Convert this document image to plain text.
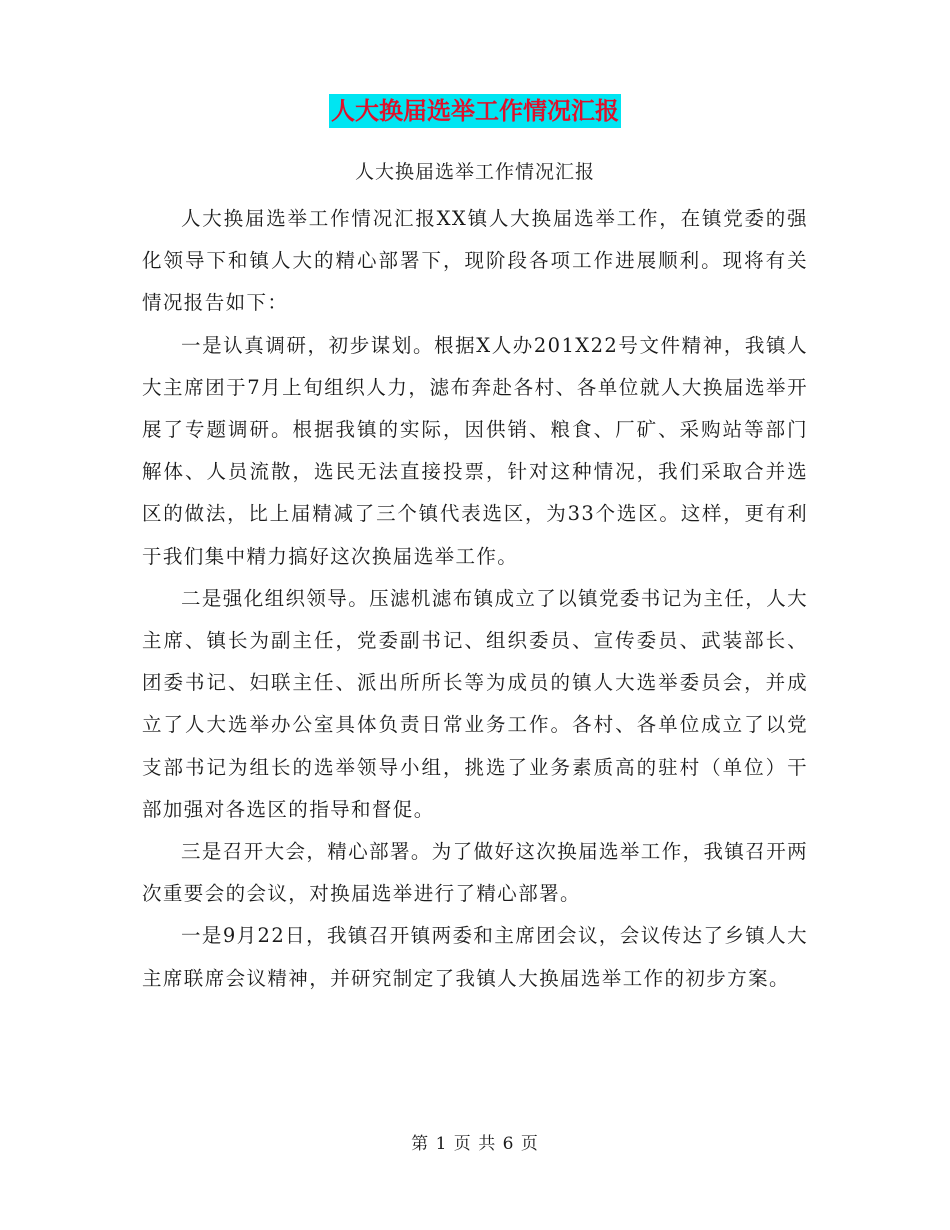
人大换届选举工作情况汇报
人大换届选举工作情况汇报

人大换届选举工作情况汇报XX镇人大换届选举工作，在镇党委的强化领导下和镇人大的精心部署下，现阶段各项工作进展顺利。现将有关情况报告如下：

一是认真调研，初步谋划。根据X人办201X22号文件精神，我镇人大主席团于7月上旬组织人力，滤布奔赴各村、各单位就人大换届选举开展了专题调研。根据我镇的实际，因供销、粮食、厂矿、采购站等部门解体、人员流散，选民无法直接投票，针对这种情况，我们采取合并选区的做法，比上届精减了三个镇代表选区，为33个选区。这样，更有利于我们集中精力搞好这次换届选举工作。

二是强化组织领导。压滤机滤布镇成立了以镇党委书记为主任，人大主席、镇长为副主任，党委副书记、组织委员、宣传委员、武装部长、团委书记、妇联主任、派出所所长等为成员的镇人大选举委员会，并成立了人大选举办公室具体负责日常业务工作。各村、各单位成立了以党支部书记为组长的选举领导小组，挑选了业务素质高的驻村（单位）干部加强对各选区的指导和督促。

三是召开大会，精心部署。为了做好这次换届选举工作，我镇召开两次重要会的会议，对换届选举进行了精心部署。

一是9月22日，我镇召开镇两委和主席团会议，会议传达了乡镇人大主席联席会议精神，并研究制定了我镇人大换届选举工作的初步方案。

第 1 页 共 6 页
